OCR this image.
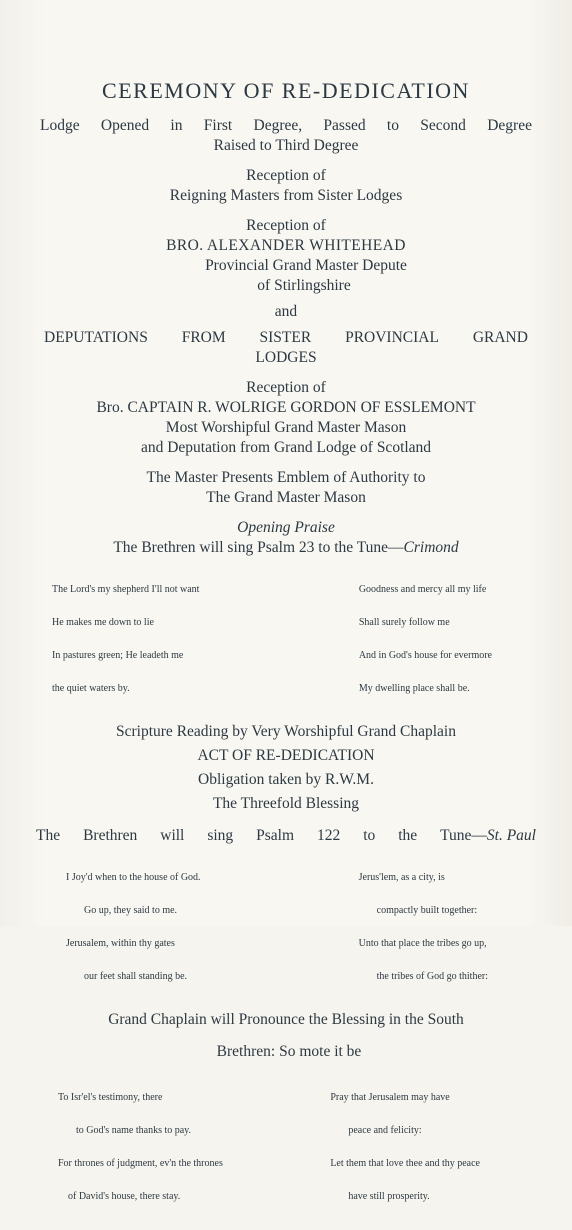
CEREMONY OF RE-DEDICATION
Lodge Opened in First Degree, Passed to Second Degree

Raised to Third Degree

Reception of

Reigning Masters from Sister Lodges

Reception of

BRO. ALEXANDER WHITEHEAD

Provincial Grand Master Depute

of Stirlingshire

and

DEPUTATIONS FROM SISTER PROVINCIAL GRAND

LODGES

Reception of

Bro. CAPTAIN R. WOLRIGE GORDON OF ESSLEMONT

Most Worshipful Grand Master Mason

and Deputation from Grand Lodge of Scotland

The Master Presents Emblem of Authority to

The Grand Master Mason

Opening Praise

The Brethren will sing Psalm 23 to the Tune—Crimond

The Lord's my shepherd I'll not want

He makes me down to lie

In pastures green; He leadeth me

the quiet waters by.

Goodness and mercy all my life

Shall surely follow me

And in God's house for evermore

My dwelling place shall be.

Scripture Reading by Very Worshipful Grand Chaplain

ACT OF RE-DEDICATION

Obligation taken by R.W.M.

The Threefold Blessing

The Brethren will sing Psalm 122 to the Tune—St. Paul

I Joy'd when to the house of God.

Go up, they said to me.

Jerusalem, within thy gates

our feet shall standing be.

Jerus'lem, as a city, is

compactly built together:

Unto that place the tribes go up,

the tribes of God go thither:

Grand Chaplain will Pronounce the Blessing in the South

Brethren: So mote it be

To Isr'el's testimony, there

to God's name thanks to pay.

For thrones of judgment, ev'n the thrones

of David's house, there stay.

Pray that Jerusalem may have

peace and felicity:

Let them that love thee and thy peace

have still prosperity.
